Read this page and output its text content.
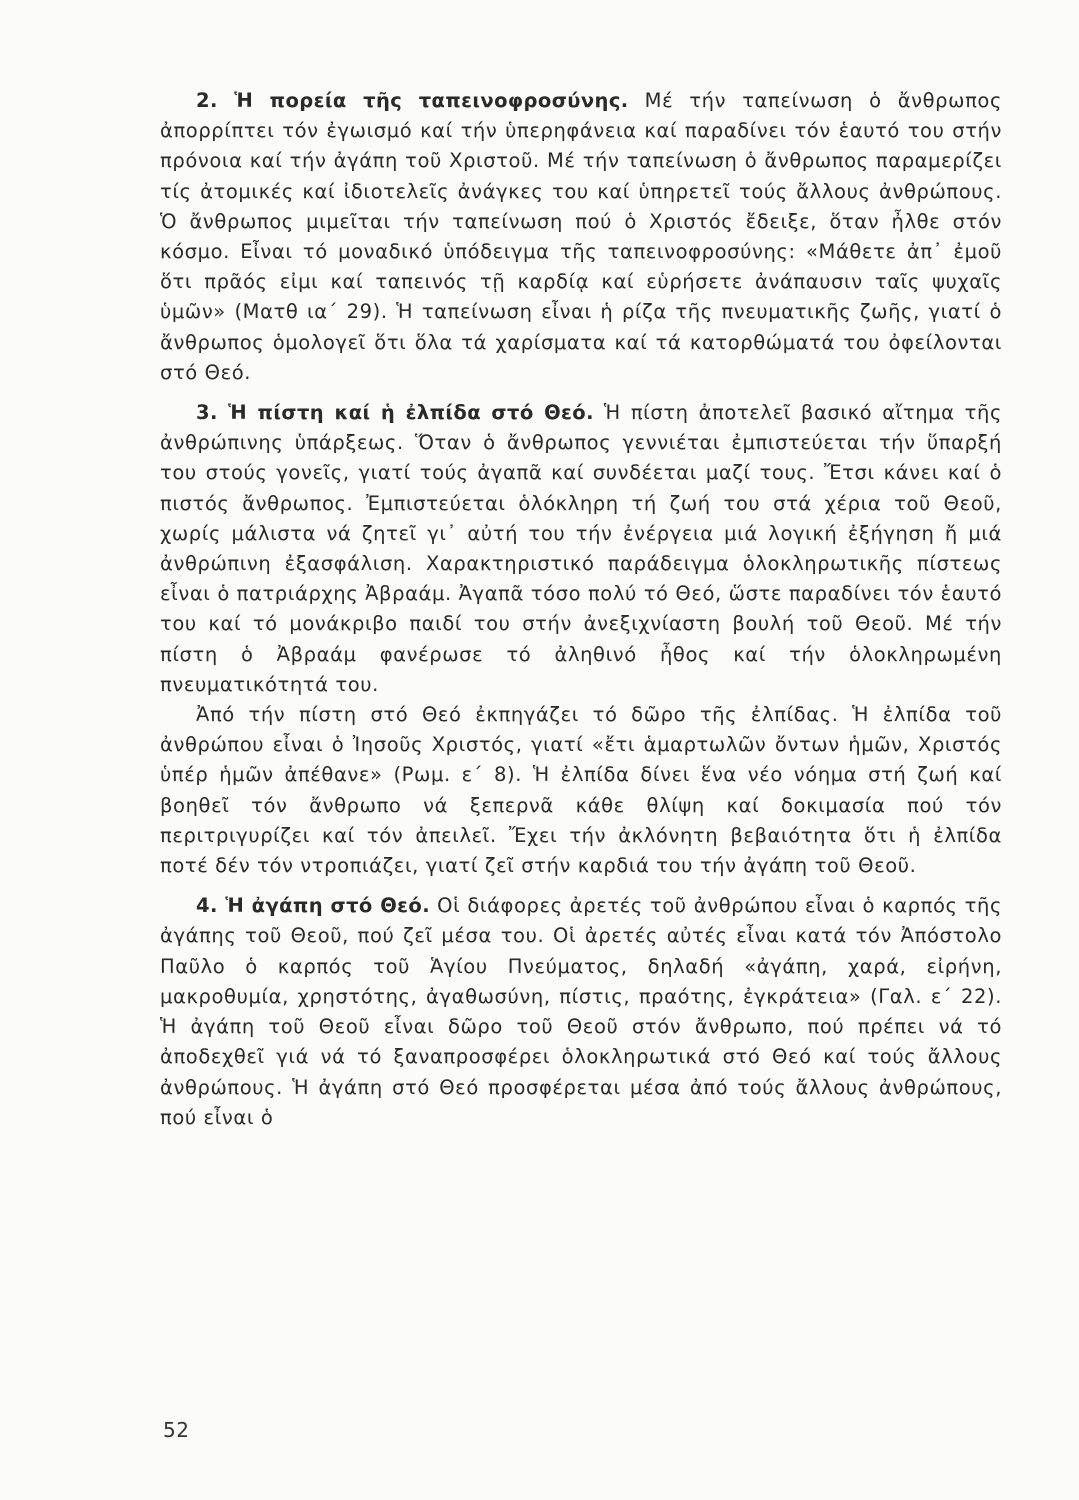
2. Ἡ πορεία τῆς ταπεινοφροσύνης. Μέ τήν ταπείνωση ὁ ἄνθρωπος ἀπορρίπτει τόν ἐγωισμό καί τήν ὑπερηφάνεια καί παραδίνει τόν ἑαυτό του στήν πρόνοια καί τήν ἀγάπη τοῦ Χριστοῦ. Μέ τήν ταπείνωση ὁ ἄνθρωπος παραμερίζει τίς ἀτομικές καί ἰδιοτελεῖς ἀνάγκες του καί ὑπηρετεῖ τούς ἄλλους ἀνθρώπους. Ὁ ἄνθρωπος μιμεῖται τήν ταπείνωση πού ὁ Χριστός ἔδειξε, ὅταν ἦλθε στόν κόσμο. Εἶναι τό μοναδικό ὑπόδειγμα τῆς ταπεινοφροσύνης: «Μάθετε ἀπ᾿ ἐμοῦ ὅτι πρᾶός εἰμι καί ταπεινός τῇ καρδίᾳ καί εὑρήσετε ἀνάπαυσιν ταῖς ψυχαῖς ὑμῶν» (Ματθ ια´ 29). Ἡ ταπείνωση εἶναι ἡ ρίζα τῆς πνευματικῆς ζωῆς, γιατί ὁ ἄνθρωπος ὁμολογεῖ ὅτι ὅλα τά χαρίσματα καί τά κατορθώματά του ὀφείλονται στό Θεό.

3. Ἡ πίστη καί ἡ ἐλπίδα στό Θεό. Ἡ πίστη ἀποτελεῖ βασικό αἴτημα τῆς ἀνθρώπινης ὑπάρξεως. Ὅταν ὁ ἄνθρωπος γεννιέται ἐμπιστεύεται τήν ὕπαρξή του στούς γονεῖς, γιατί τούς ἀγαπᾶ καί συνδέεται μαζί τους. Ἔτσι κάνει καί ὁ πιστός ἄνθρωπος. Ἐμπιστεύεται ὁλόκληρη τή ζωή του στά χέρια τοῦ Θεοῦ, χωρίς μάλιστα νά ζητεῖ γι᾿ αὐτή του τήν ἐνέργεια μιά λογική ἐξήγηση ἤ μιά ἀνθρώπινη ἐξασφάλιση. Χαρακτηριστικό παράδειγμα ὁλοκληρωτικῆς πίστεως εἶναι ὁ πατριάρχης Ἀβραάμ. Ἀγαπᾶ τόσο πολύ τό Θεό, ὥστε παραδίνει τόν ἑαυτό του καί τό μονάκριβο παιδί του στήν ἀνεξιχνίαστη βουλή τοῦ Θεοῦ. Μέ τήν πίστη ὁ Ἀβραάμ φανέρωσε τό ἀληθινό ἦθος καί τήν ὁλοκληρωμένη πνευματικότητά του.

Ἀπό τήν πίστη στό Θεό ἐκπηγάζει τό δῶρο τῆς ἐλπίδας. Ἡ ἐλπίδα τοῦ ἀνθρώπου εἶναι ὁ Ἰησοῦς Χριστός, γιατί «ἔτι ἁμαρτωλῶν ὄντων ἡμῶν, Χριστός ὑπέρ ἡμῶν ἀπέθανε» (Ρωμ. ε´ 8). Ἡ ἐλπίδα δίνει ἕνα νέο νόημα στή ζωή καί βοηθεῖ τόν ἄνθρωπο νά ξεπερνᾶ κάθε θλίψη καί δοκιμασία πού τόν περιτριγυρίζει καί τόν ἀπειλεῖ. Ἔχει τήν ἀκλόνητη βεβαιότητα ὅτι ἡ ἐλπίδα ποτέ δέν τόν ντροπιάζει, γιατί ζεῖ στήν καρδιά του τήν ἀγάπη τοῦ Θεοῦ.

4. Ἡ ἀγάπη στό Θεό. Οἱ διάφορες ἀρετές τοῦ ἀνθρώπου εἶναι ὁ καρπός τῆς ἀγάπης τοῦ Θεοῦ, πού ζεῖ μέσα του. Οἱ ἀρετές αὐτές εἶναι κατά τόν Ἀπόστολο Παῦλο ὁ καρπός τοῦ Ἁγίου Πνεύματος, δηλαδή «ἀγάπη, χαρά, εἰρήνη, μακροθυμία, χρηστότης, ἀγαθωσύνη, πίστις, πραότης, ἐγκράτεια» (Γαλ. ε´ 22). Ἡ ἀγάπη τοῦ Θεοῦ εἶναι δῶρο τοῦ Θεοῦ στόν ἄνθρωπο, πού πρέπει νά τό ἀποδεχθεῖ γιά νά τό ξαναπροσφέρει ὁλοκληρωτικά στό Θεό καί τούς ἄλλους ἀνθρώπους. Ἡ ἀγάπη στό Θεό προσφέρεται μέσα ἀπό τούς ἄλλους ἀνθρώπους, πού εἶναι ὁ

52
